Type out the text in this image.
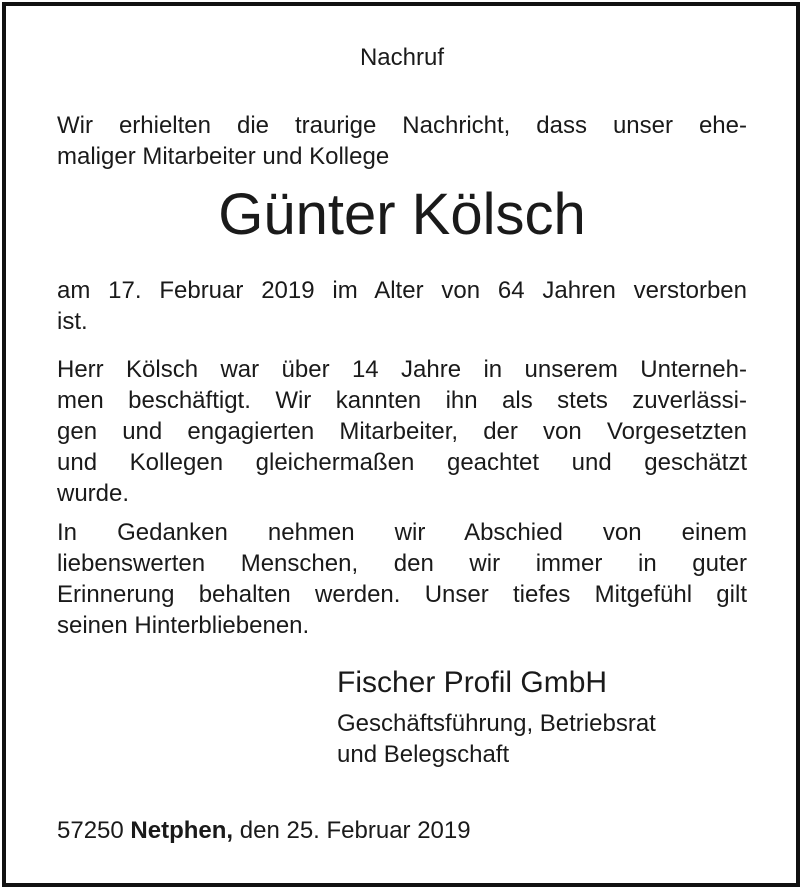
Nachruf
Wir erhielten die traurige Nachricht, dass unser ehe-
maliger Mitarbeiter und Kollege
Günter Kölsch
am 17. Februar 2019 im Alter von 64 Jahren verstorben
ist.
Herr Kölsch war über 14 Jahre in unserem Unterneh-
men beschäftigt. Wir kannten ihn als stets zuverlässi-
gen und engagierten Mitarbeiter, der von Vorgesetzten
und Kollegen gleichermaßen geachtet und geschätzt
wurde.
In Gedanken nehmen wir Abschied von einem
liebenswerten Menschen, den wir immer in guter
Erinnerung behalten werden. Unser tiefes Mitgefühl gilt
seinen Hinterbliebenen.
Fischer Profil GmbH
Geschäftsführung, Betriebsrat
und Belegschaft
57250 Netphen, den 25. Februar 2019
